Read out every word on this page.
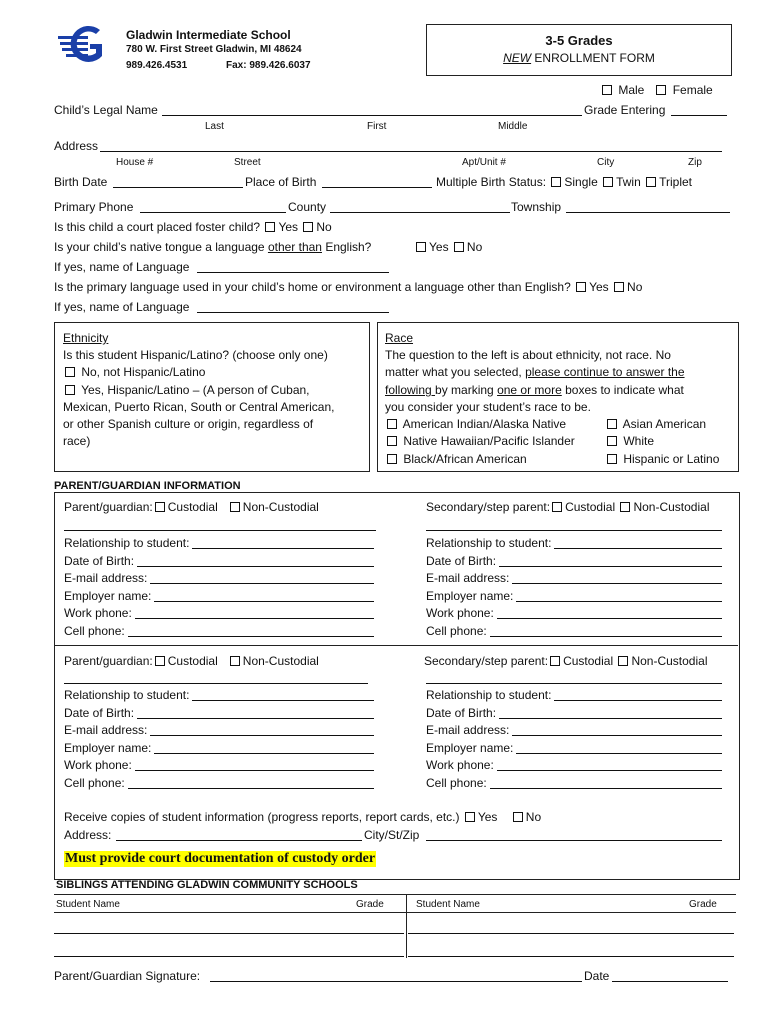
Gladwin Intermediate School
780 W. First Street Gladwin, MI 48624
989.426.4531	Fax: 989.426.6037
3-5 Grades
NEW ENROLLMENT FORM
Male Female
Child’s Legal Name	Grade Entering
Last	First	Middle
Address
House #	Street	Apt/Unit #	City	Zip
Birth Date	Place of Birth	Multiple Birth Status: Single Twin Triplet
Primary Phone	County	Township
Is this child a court placed foster child? Yes No
Is your child’s native tongue a language other than English?	Yes No
If yes, name of Language
Is the primary language used in your child’s home or environment a language other than English? Yes No
If yes, name of Language
Ethnicity
Is this student Hispanic/Latino? (choose only one)
No, not Hispanic/Latino
Yes, Hispanic/Latino – (A person of Cuban,
Mexican, Puerto Rican, South or Central American,
or other Spanish culture or origin, regardless of
race)
Race
The question to the left is about ethnicity, not race. No
matter what you selected, please continue to answer the
following by marking one or more boxes to indicate what
you consider your student’s race to be.
American Indian/Alaska Native	Asian American
Native Hawaiian/Pacific Islander	White
Black/African American	Hispanic or Latino
PARENT/GUARDIAN INFORMATION
Parent/guardian: Custodial Non-Custodial
Relationship to student:
Date of Birth:
E-mail address:
Employer name:
Work phone:
Cell phone:
Secondary/step parent: Custodial Non-Custodial
Relationship to student:
Date of Birth:
E-mail address:
Employer name:
Work phone:
Cell phone:
Parent/guardian: Custodial Non-Custodial
Relationship to student:
Date of Birth:
E-mail address:
Employer name:
Work phone:
Cell phone:
Secondary/step parent: Custodial Non-Custodial
Relationship to student:
Date of Birth:
E-mail address:
Employer name:
Work phone:
Cell phone:
Receive copies of student information (progress reports, report cards, etc.) Yes No
Address:	City/St/Zip
Must provide court documentation of custody order
SIBLINGS ATTENDING GLADWIN COMMUNITY SCHOOLS
Student Name	Grade	Student Name	Grade
Parent/Guardian Signature:	Date
